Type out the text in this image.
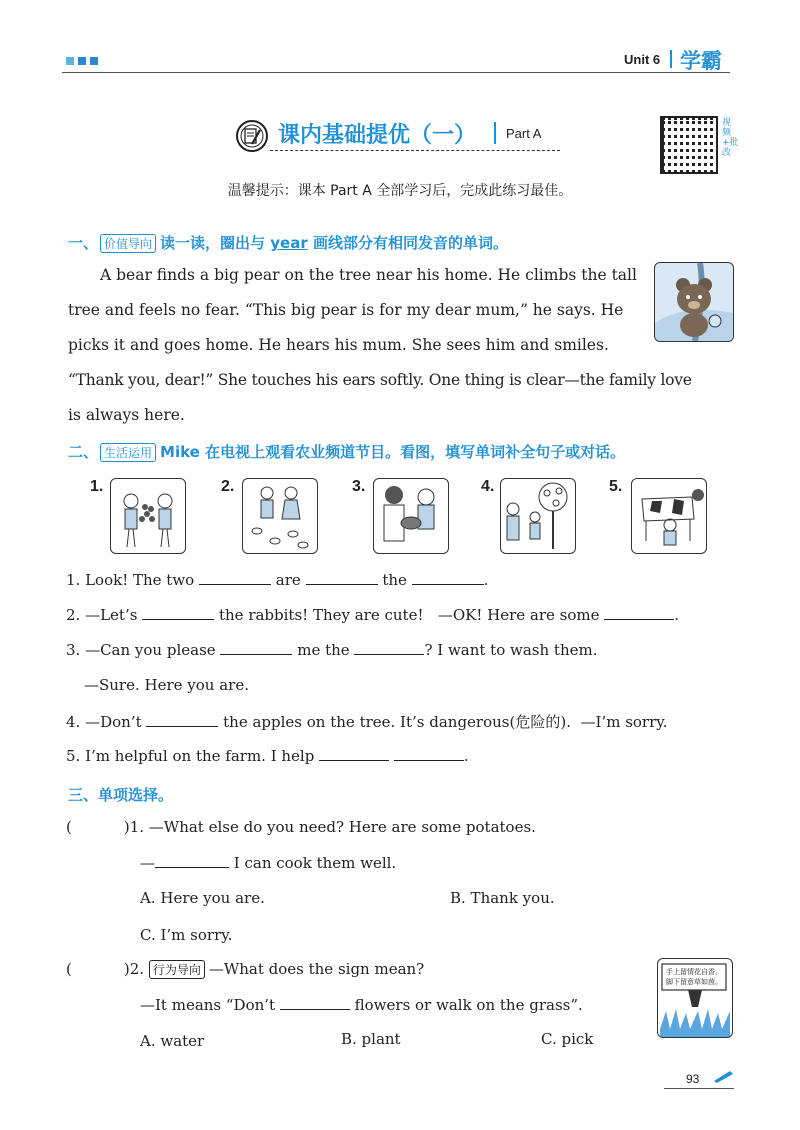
Unit 6 学霸
课内基础提优（一） Part A
视频+批改
温馨提示：课本 Part A 全部学习后，完成此练习最佳。
一、 价值导向 读一读，圈出与 year 画线部分有相同发音的单词。
A bear finds a big pear on the tree near his home. He climbs the tall
tree and feels no fear. “This big pear is for my dear mum,” he says. He
picks it and goes home. He hears his mum. She sees him and smiles.
“Thank you, dear!” She touches his ears softly. One thing is clear—the family love
is always here.
二、 生活运用 Mike 在电视上观看农业频道节目。看图，填写单词补全句子或对话。
1.	2.	3.	4.	5.
1. Look! The two	are	the	.
2. —Let’s	the rabbits! They are cute! —OK! Here are some	.
3. —Can you please	me the	? I want to wash them.
—Sure. Here you are.
4. —Don’t	the apples on the tree. It’s dangerous(危险的). —I’m sorry.
5. I’m helpful on the farm. I help	.
三、单项选择。
(	)1. —What else do you need? Here are some potatoes.
—	I can cook them well.
A. Here you are.	B. Thank you.
C. I’m sorry.
(	)2. 行为导向 —What does the sign mean?
—It means “Don’t	flowers or walk on the grass”.
A. water	B. plant	C. pick
手上留情花自香，脚下留意草如茵。
93
